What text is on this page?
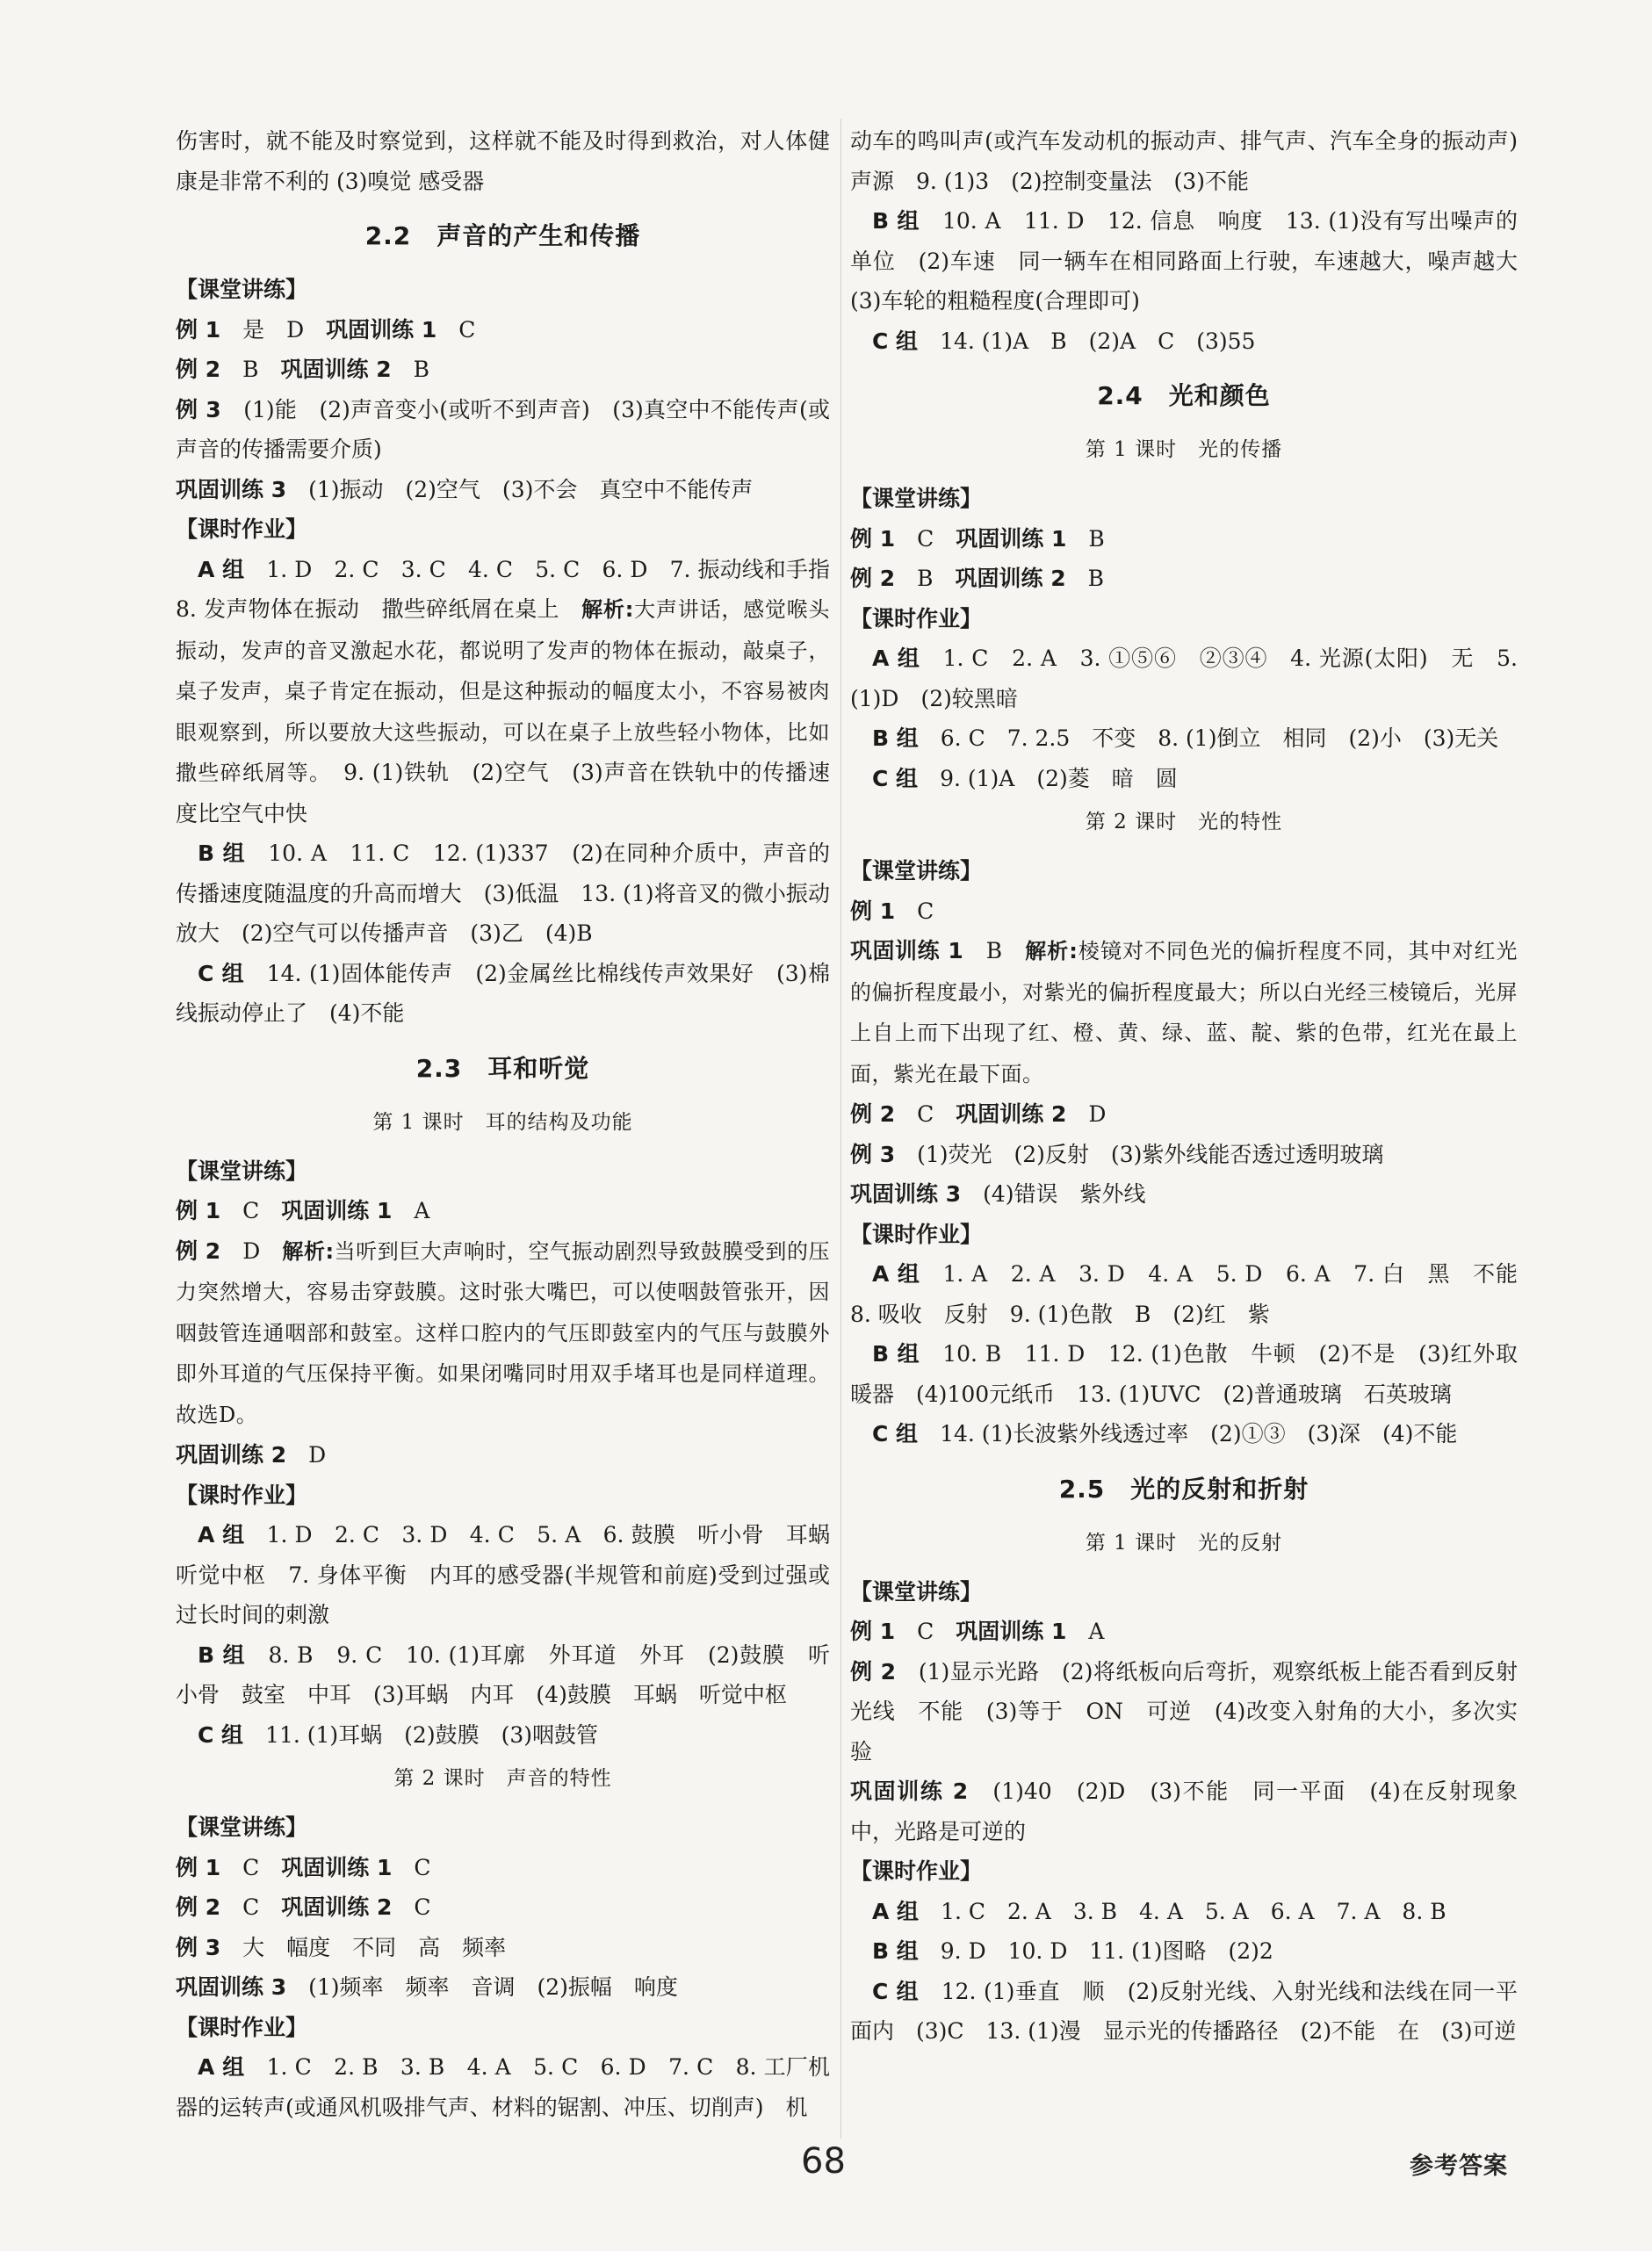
伤害时，就不能及时察觉到，这样就不能及时得到救治，对人体健康是非常不利的 (3)嗅觉 感受器

2.2　声音的产生和传播

【课堂讲练】

例 1　是　D　巩固训练 1　C

例 2　B　巩固训练 2　B

例 3　(1)能　(2)声音变小(或听不到声音)　(3)真空中不能传声(或声音的传播需要介质)

巩固训练 3　(1)振动　(2)空气　(3)不会　真空中不能传声

【课时作业】

A 组　1. D　2. C　3. C　4. C　5. C　6. D　7. 振动线和手指　8. 发声物体在振动　撒些碎纸屑在桌上　解析:大声讲话，感觉喉头振动，发声的音叉激起水花，都说明了发声的物体在振动，敲桌子，桌子发声，桌子肯定在振动，但是这种振动的幅度太小，不容易被肉眼观察到，所以要放大这些振动，可以在桌子上放些轻小物体，比如撒些碎纸屑等。　9. (1)铁轨　(2)空气　(3)声音在铁轨中的传播速度比空气中快

B 组　10. A　11. C　12. (1)337　(2)在同种介质中，声音的传播速度随温度的升高而增大　(3)低温　13. (1)将音叉的微小振动放大　(2)空气可以传播声音　(3)乙　(4)B

C 组　14. (1)固体能传声　(2)金属丝比棉线传声效果好　(3)棉线振动停止了　(4)不能

2.3　耳和听觉
第 1 课时　耳的结构及功能

【课堂讲练】

例 1　C　巩固训练 1　A

例 2　D　解析:当听到巨大声响时，空气振动剧烈导致鼓膜受到的压力突然增大，容易击穿鼓膜。这时张大嘴巴，可以使咽鼓管张开，因咽鼓管连通咽部和鼓室。这样口腔内的气压即鼓室内的气压与鼓膜外即外耳道的气压保持平衡。如果闭嘴同时用双手堵耳也是同样道理。故选D。

巩固训练 2　D

【课时作业】

A 组　1. D　2. C　3. D　4. C　5. A　6. 鼓膜　听小骨　耳蜗　听觉中枢　7. 身体平衡　内耳的感受器(半规管和前庭)受到过强或过长时间的刺激

B 组　8. B　9. C　10. (1)耳廓　外耳道　外耳　(2)鼓膜　听小骨　鼓室　中耳　(3)耳蜗　内耳　(4)鼓膜　耳蜗　听觉中枢

C 组　11. (1)耳蜗　(2)鼓膜　(3)咽鼓管

第 2 课时　声音的特性

【课堂讲练】

例 1　C　巩固训练 1　C

例 2　C　巩固训练 2　C

例 3　大　幅度　不同　高　频率

巩固训练 3　(1)频率　频率　音调　(2)振幅　响度

【课时作业】

A 组　1. C　2. B　3. B　4. A　5. C　6. D　7. C　8. 工厂机器的运转声(或通风机吸排气声、材料的锯割、冲压、切削声)　机

动车的鸣叫声(或汽车发动机的振动声、排气声、汽车全身的振动声)　声源　9. (1)3　(2)控制变量法　(3)不能

B 组　10. A　11. D　12. 信息　响度　13. (1)没有写出噪声的单位　(2)车速　同一辆车在相同路面上行驶，车速越大，噪声越大　(3)车轮的粗糙程度(合理即可)

C 组　14. (1)A　B　(2)A　C　(3)55

2.4　光和颜色
第 1 课时　光的传播

【课堂讲练】

例 1　C　巩固训练 1　B

例 2　B　巩固训练 2　B

【课时作业】

A 组　1. C　2. A　3. ①⑤⑥　②③④　4. 光源(太阳)　无　5. (1)D　(2)较黑暗

B 组　6. C　7. 2.5　不变　8. (1)倒立　相同　(2)小　(3)无关

C 组　9. (1)A　(2)菱　暗　圆

第 2 课时　光的特性

【课堂讲练】

例 1　C

巩固训练 1　B　解析:棱镜对不同色光的偏折程度不同，其中对红光的偏折程度最小，对紫光的偏折程度最大；所以白光经三棱镜后，光屏上自上而下出现了红、橙、黄、绿、蓝、靛、紫的色带，红光在最上面，紫光在最下面。

例 2　C　巩固训练 2　D

例 3　(1)荧光　(2)反射　(3)紫外线能否透过透明玻璃

巩固训练 3　(4)错误　紫外线

【课时作业】

A 组　1. A　2. A　3. D　4. A　5. D　6. A　7. 白　黑　不能　8. 吸收　反射　9. (1)色散　B　(2)红　紫

B 组　10. B　11. D　12. (1)色散　牛顿　(2)不是　(3)红外取暖器　(4)100元纸币　13. (1)UVC　(2)普通玻璃　石英玻璃

C 组　14. (1)长波紫外线透过率　(2)①③　(3)深　(4)不能

2.5　光的反射和折射
第 1 课时　光的反射

【课堂讲练】

例 1　C　巩固训练 1　A

例 2　(1)显示光路　(2)将纸板向后弯折，观察纸板上能否看到反射光线　不能　(3)等于　ON　可逆　(4)改变入射角的大小，多次实验

巩固训练 2　(1)40　(2)D　(3)不能　同一平面　(4)在反射现象中，光路是可逆的

【课时作业】

A 组　1. C　2. A　3. B　4. A　5. A　6. A　7. A　8. B

B 组　9. D　10. D　11. (1)图略　(2)2

C 组　12. (1)垂直　顺　(2)反射光线、入射光线和法线在同一平面内　(3)C　13. (1)漫　显示光的传播路径　(2)不能　在　(3)可逆

68	参考答案
